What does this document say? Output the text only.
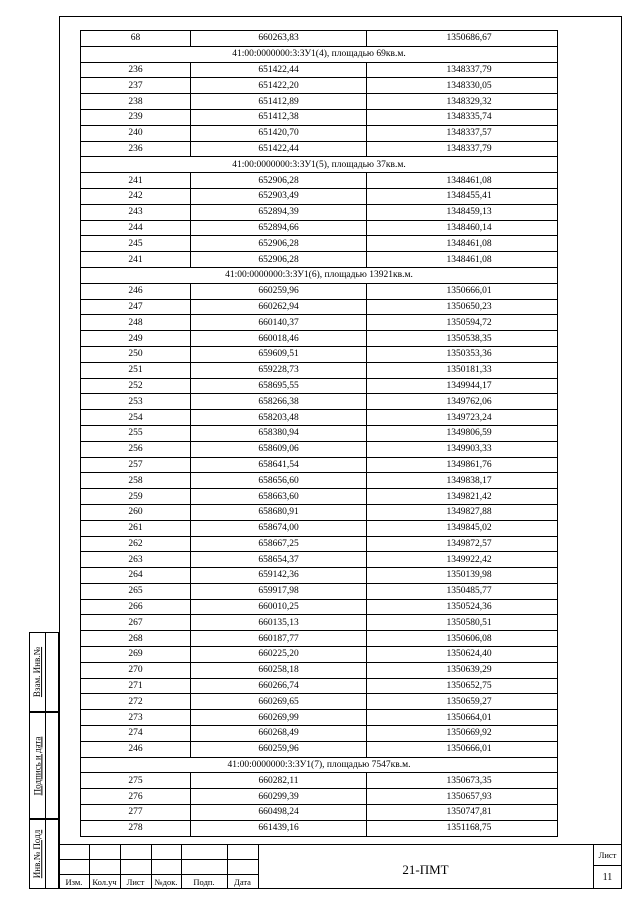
68	660263,83	1350686,67
41:00:0000000:3:ЗУ1(4), площадью 69кв.м.		
236	651422,44	1348337,79
237	651422,20	1348330,05
238	651412,89	1348329,32
239	651412,38	1348335,74
240	651420,70	1348337,57
236	651422,44	1348337,79
41:00:0000000:3:ЗУ1(5), площадью 37кв.м.		
241	652906,28	1348461,08
242	652903,49	1348455,41
243	652894,39	1348459,13
244	652894,66	1348460,14
245	652906,28	1348461,08
241	652906,28	1348461,08
41:00:0000000:3:ЗУ1(6), площадью 13921кв.м.		
246	660259,96	1350666,01
247	660262,94	1350650,23
248	660140,37	1350594,72
249	660018,46	1350538,35
250	659609,51	1350353,36
251	659228,73	1350181,33
252	658695,55	1349944,17
253	658266,38	1349762,06
254	658203,48	1349723,24
255	658380,94	1349806,59
256	658609,06	1349903,33
257	658641,54	1349861,76
258	658656,60	1349838,17
259	658663,60	1349821,42
260	658680,91	1349827,88
261	658674,00	1349845,02
262	658667,25	1349872,57
263	658654,37	1349922,42
264	659142,36	1350139,98
265	659917,98	1350485,77
266	660010,25	1350524,36
267	660135,13	1350580,51
268	660187,77	1350606,08
269	660225,20	1350624,40
270	660258,18	1350639,29
271	660266,74	1350652,75
272	660269,65	1350659,27
273	660269,99	1350664,01
274	660268,49	1350669,92
246	660259,96	1350666,01
41:00:0000000:3:ЗУ1(7), площадью 7547кв.м.		
275	660282,11	1350673,35
276	660299,39	1350657,93
277	660498,24	1350747,81
278	661439,16	1351168,75
Взам. Инв.№
Подпись и дата
Инв.№ Подл
Изм.	Кол.уч	Лист	№док.	Подп.	Дата
Лист
11
21-ПМТ
